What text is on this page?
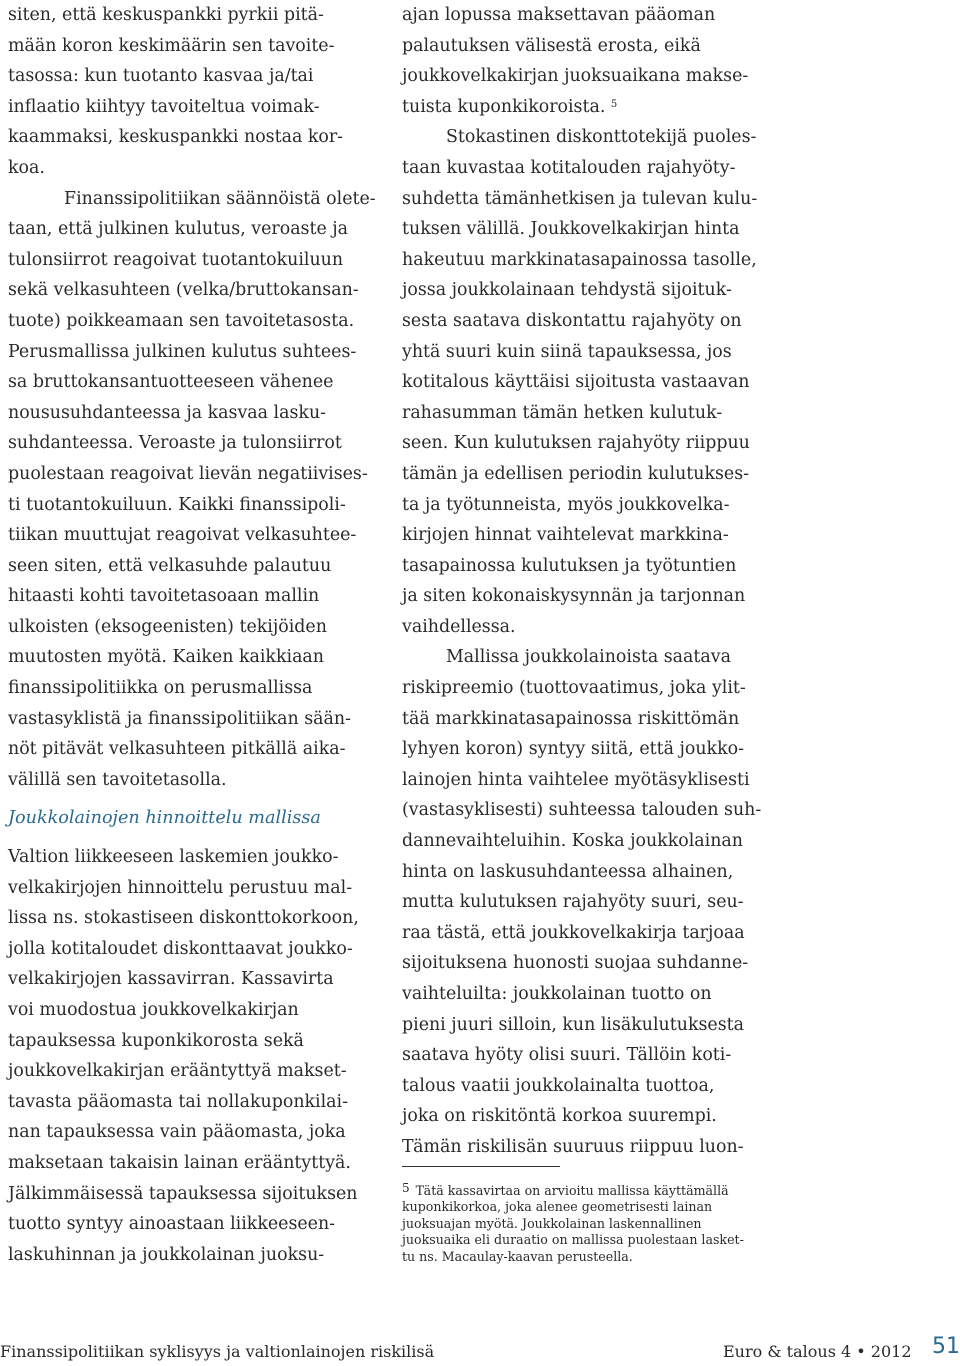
siten, että keskuspankki pyrkii pitä-
mään koron keskimäärin sen tavoite-
tasossa: kun tuotanto kasvaa ja/tai
inflaatio kiihtyy tavoiteltua voimak-
kaammaksi, keskuspankki nostaa kor-
koa.
Finanssipolitiikan säännöistä olete-
taan, että julkinen kulutus, veroaste ja
tulonsiirrot reagoivat tuotantokuiluun
sekä velkasuhteen (velka/bruttokansan-
tuote) poikkeamaan sen tavoitetasosta.
Perusmallissa julkinen kulutus suhtees-
sa bruttokansantuotteeseen vähenee
noususuhdanteessa ja kasvaa lasku-
suhdanteessa. Veroaste ja tulonsiirrot
puolestaan reagoivat lievän negatiivises-
ti tuotantokuiluun. Kaikki finanssipoli-
tiikan muuttujat reagoivat velkasuhtee-
seen siten, että velkasuhde palautuu
hitaasti kohti tavoitetasoaan mallin
ulkoisten (eksogeenisten) tekijöiden
muutosten myötä. Kaiken kaikkiaan
finanssipolitiikka on perusmallissa
vastasyklistä ja finanssipolitiikan sään-
nöt pitävät velkasuhteen pitkällä aika-
välillä sen tavoitetasolla.
Joukkolainojen hinnoittelu mallissa
Valtion liikkeeseen laskemien joukko-
velkakirjojen hinnoittelu perustuu mal-
lissa ns. stokastiseen diskonttokorkoon,
jolla kotitaloudet diskonttaavat joukko-
velkakirjojen kassavirran. Kassavirta
voi muodostua joukkovelkakirjan
tapauksessa kuponkikorosta sekä
joukkovelkakirjan erääntyttyä makset-
tavasta pääomasta tai nollakuponkilai-
nan tapauksessa vain pääomasta, joka
maksetaan takaisin lainan erääntyttyä.
Jälkimmäisessä tapauksessa sijoituksen
tuotto syntyy ainoastaan liikkeeseen-
laskuhinnan ja joukkolainan juoksu-
ajan lopussa maksettavan pääoman
palautuksen välisestä erosta, eikä
joukkovelkakirjan juoksuaikana makse-
tuista kuponkikoroista. $^5$
Stokastinen diskonttotekijä puoles-
taan kuvastaa kotitalouden rajahyöty-
suhdetta tämänhetkisen ja tulevan kulu-
tuksen välillä. Joukkovelkakirjan hinta
hakeutuu markkinatasapainossa tasolle,
jossa joukkolainaan tehdystä sijoituk-
sesta saatava diskontattu rajahyöty on
yhtä suuri kuin siinä tapauksessa, jos
kotitalous käyttäisi sijoitusta vastaavan
rahasumman tämän hetken kulutuk-
seen. Kun kulutuksen rajahyöty riippuu
tämän ja edellisen periodin kulutukses-
ta ja työtunneista, myös joukkovelka-
kirjojen hinnat vaihtelevat markkina-
tasapainossa kulutuksen ja työtuntien
ja siten kokonaiskysynnän ja tarjonnan
vaihdellessa.
Mallissa joukkolainoista saatava
riskipreemio (tuottovaatimus, joka ylit-
tää markkinatasapainossa riskittömän
lyhyen koron) syntyy siitä, että joukko-
lainojen hinta vaihtelee myötäsyklisesti
(vastasyklisesti) suhteessa talouden suh-
dannevaihteluihin. Koska joukkolainan
hinta on laskusuhdanteessa alhainen,
mutta kulutuksen rajahyöty suuri, seu-
raa tästä, että joukkovelkakirja tarjoaa
sijoituksena huonosti suojaa suhdanne-
vaihteluilta: joukkolainan tuotto on
pieni juuri silloin, kun lisäkulutuksesta
saatava hyöty olisi suuri. Tällöin koti-
talous vaatii joukkolainalta tuottoa,
joka on riskitöntä korkoa suurempi.
Tämän riskilisän suuruus riippuu luon-
5 Tätä kassavirtaa on arvioitu mallissa käyttämällä
kuponkikorkoa, joka alenee geometrisesti lainan
juoksuajan myötä. Joukkolainan laskennallinen
juoksuaika eli duraatio on mallissa puolestaan lasket-
tu ns. Macaulay-kaavan perusteella.
Finanssipolitiikan syklisyys ja valtionlainojen riskilisä	Euro & talous 4 • 2012 51
